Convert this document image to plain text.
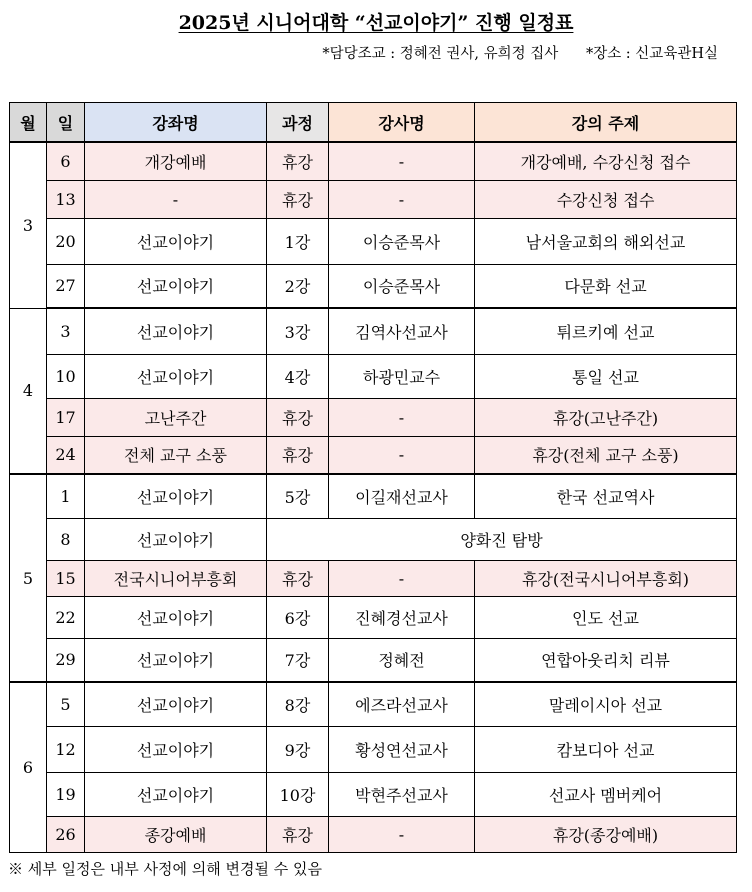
2025년 시니어대학 “선교이야기” 진행 일정표
*담당조교 : 정혜전 권사, 유희정 집사 *장소 : 신교육관H실
월	일	강좌명	과정	강사명	강의 주제
3	6	개강예배	휴강	-	개강예배, 수강신청 접수
	13	-	휴강	-	수강신청 접수
	20	선교이야기	1강	이승준목사	남서울교회의 해외선교
	27	선교이야기	2강	이승준목사	다문화 선교
4	3	선교이야기	3강	김역사선교사	튀르키예 선교
	10	선교이야기	4강	하광민교수	통일 선교
	17	고난주간	휴강	-	휴강(고난주간)
	24	전체 교구 소풍	휴강	-	휴강(전체 교구 소풍)
5	1	선교이야기	5강	이길재선교사	한국 선교역사
	8	선교이야기	양화진 탐방		
	15	전국시니어부흥회	휴강	-	휴강(전국시니어부흥회)
	22	선교이야기	6강	진혜경선교사	인도 선교
	29	선교이야기	7강	정혜전	연합아웃리치 리뷰
6	5	선교이야기	8강	에즈라선교사	말레이시아 선교
	12	선교이야기	9강	황성연선교사	캄보디아 선교
	19	선교이야기	10강	박현주선교사	선교사 멤버케어
	26	종강예배	휴강	-	휴강(종강예배)
※ 세부 일정은 내부 사정에 의해 변경될 수 있음
